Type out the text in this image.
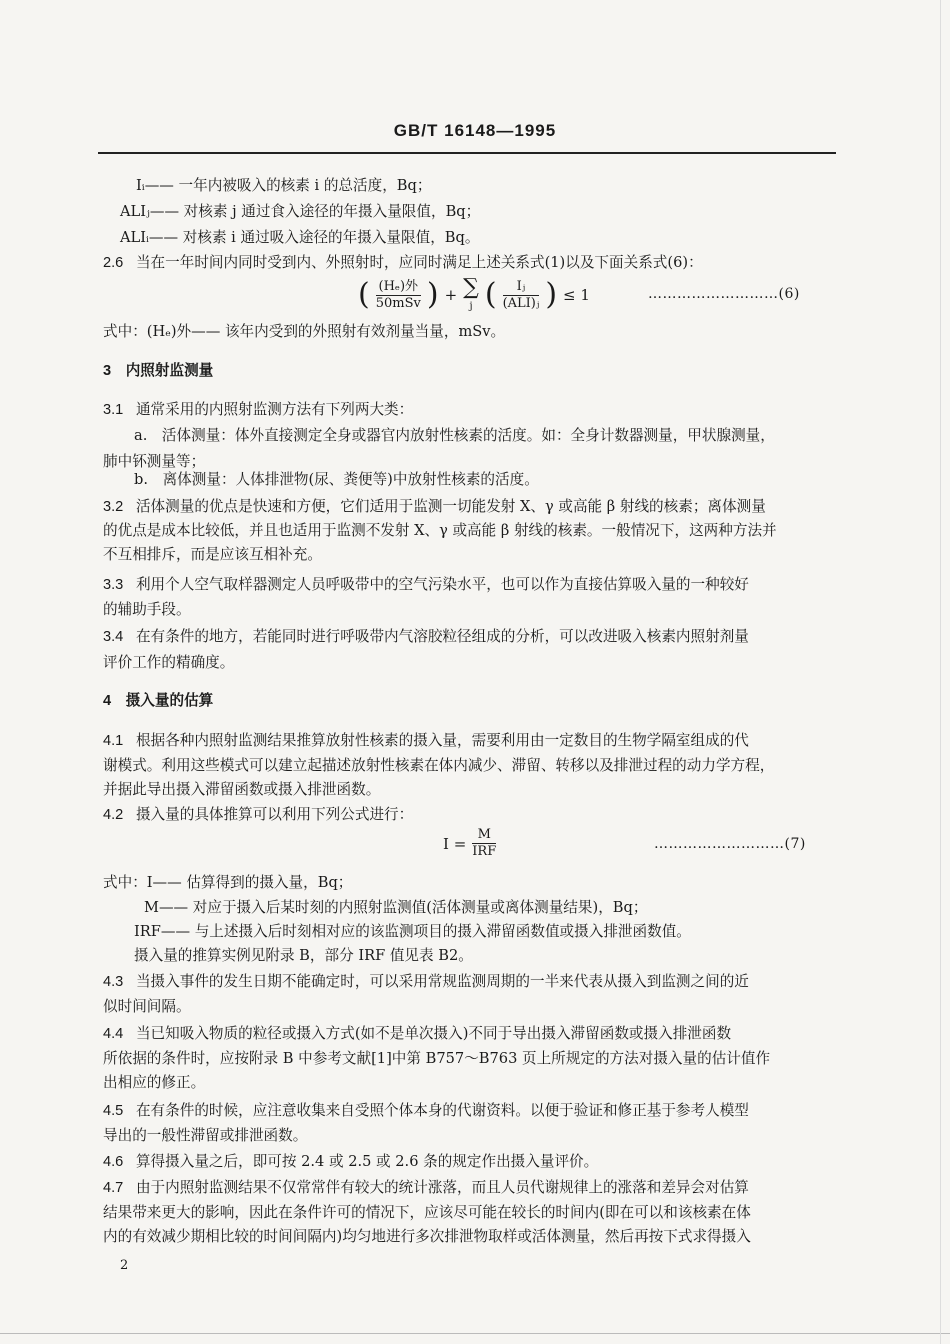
GB/T 16148—1995
Iᵢ—— 一年内被吸入的核素 i 的总活度，Bq；
ALIⱼ—— 对核素 j 通过食入途径的年摄入量限值，Bq；
ALIᵢ—— 对核素 i 通过吸入途径的年摄入量限值，Bq。
2.6 当在一年时间内同时受到内、外照射时，应同时满足上述关系式(1)以及下面关系式(6)：
( $\frac{\text{(Hₑ)外}}{\text{50mSv}}$ ) + ∑
j ( $\frac{\text{Iⱼ}}{\text{(ALI)ⱼ}}$ ) ≤ 1	………………………(6)
式中：(Hₑ)外—— 该年内受到的外照射有效剂量当量，mSv。
3　内照射监测量
3.1 通常采用的内照射监测方法有下列两大类：
a.　活体测量：体外直接测定全身或器官内放射性核素的活度。如：全身计数器测量，甲状腺测量，
肺中钚测量等；
b.　离体测量：人体排泄物(尿、粪便等)中放射性核素的活度。
3.2 活体测量的优点是快速和方便，它们适用于监测一切能发射 X、γ 或高能 β 射线的核素；离体测量
的优点是成本比较低，并且也适用于监测不发射 X、γ 或高能 β 射线的核素。一般情况下，这两种方法并
不互相排斥，而是应该互相补充。
3.3 利用个人空气取样器测定人员呼吸带中的空气污染水平，也可以作为直接估算吸入量的一种较好
的辅助手段。
3.4 在有条件的地方，若能同时进行呼吸带内气溶胶粒径组成的分析，可以改进吸入核素内照射剂量
评价工作的精确度。
4　摄入量的估算
4.1 根据各种内照射监测结果推算放射性核素的摄入量，需要利用由一定数目的生物学隔室组成的代
谢模式。利用这些模式可以建立起描述放射性核素在体内减少、滞留、转移以及排泄过程的动力学方程，
并据此导出摄入滞留函数或摄入排泄函数。
4.2 摄入量的具体推算可以利用下列公式进行：
$I = \frac{M}{\text{IRF}}$	………………………(7)
式中：I—— 估算得到的摄入量，Bq；
M—— 对应于摄入后某时刻的内照射监测值(活体测量或离体测量结果)，Bq；
IRF—— 与上述摄入后时刻相对应的该监测项目的摄入滞留函数值或摄入排泄函数值。
摄入量的推算实例见附录 B，部分 IRF 值见表 B2。
4.3 当摄入事件的发生日期不能确定时，可以采用常规监测周期的一半来代表从摄入到监测之间的近
似时间间隔。
4.4 当已知吸入物质的粒径或摄入方式(如不是单次摄入)不同于导出摄入滞留函数或摄入排泄函数
所依据的条件时，应按附录 B 中参考文献[1]中第 B757～B763 页上所规定的方法对摄入量的估计值作
出相应的修正。
4.5 在有条件的时候，应注意收集来自受照个体本身的代谢资料。以便于验证和修正基于参考人模型
导出的一般性滞留或排泄函数。
4.6 算得摄入量之后，即可按 2.4 或 2.5 或 2.6 条的规定作出摄入量评价。
4.7 由于内照射监测结果不仅常常伴有较大的统计涨落，而且人员代谢规律上的涨落和差异会对估算
结果带来更大的影响，因此在条件许可的情况下，应该尽可能在较长的时间内(即在可以和该核素在体
内的有效减少期相比较的时间间隔内)均匀地进行多次排泄物取样或活体测量，然后再按下式求得摄入
2
